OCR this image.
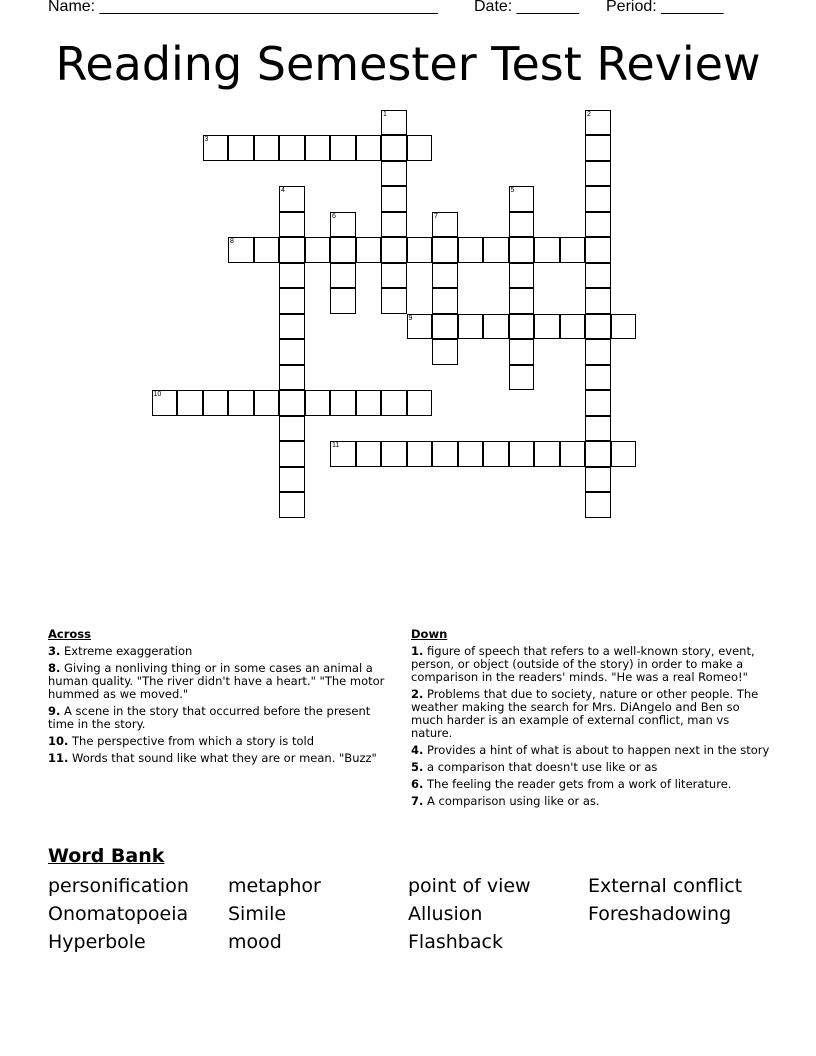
Name: ______________________________________ Date: _______ Period: _______
Reading Semester Test Review
1	2
3
4	5
6	7
8
9
10
11
Across
3. Extreme exaggeration
8. Giving a nonliving thing or in some cases an animal a human quality. "The river didn't have a heart." "The motor hummed as we moved."
9. A scene in the story that occurred before the present time in the story.
10. The perspective from which a story is told
11. Words that sound like what they are or mean. "Buzz"
Down
1. figure of speech that refers to a well-known story, event, person, or object (outside of the story) in order to make a comparison in the readers' minds. "He was a real Romeo!"
2. Problems that due to society, nature or other people. The weather making the search for Mrs. DiAngelo and Ben so much harder is an example of external conflict, man vs nature.
4. Provides a hint of what is about to happen next in the story
5. a comparison that doesn't use like or as
6. The feeling the reader gets from a work of literature.
7. A comparison using like or as.
Word Bank
personification metaphor	point of view	External conflict
Onomatopoeia Simile	Allusion	Foreshadowing
Hyperbole	mood	Flashback
